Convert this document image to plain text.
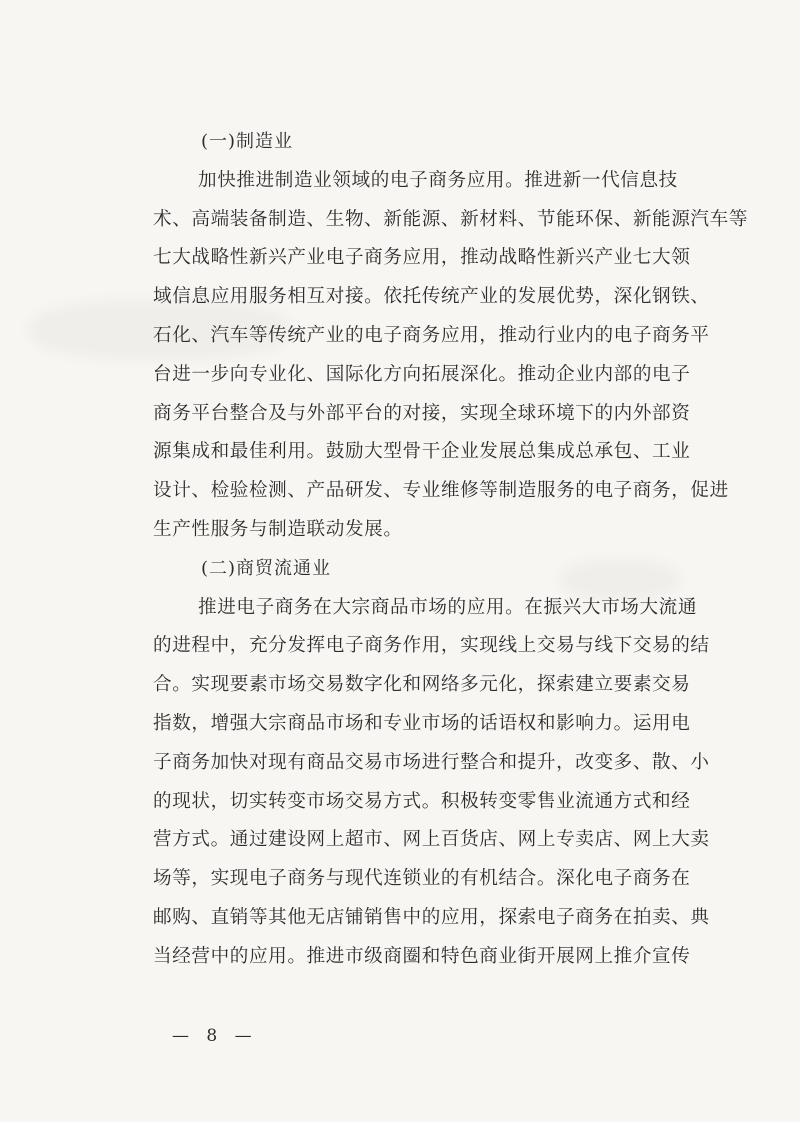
(一)制造业
加快推进制造业领域的电子商务应用。推进新一代信息技
术、高端装备制造、生物、新能源、新材料、节能环保、新能源汽车等
七大战略性新兴产业电子商务应用，推动战略性新兴产业七大领
域信息应用服务相互对接。依托传统产业的发展优势，深化钢铁、
石化、汽车等传统产业的电子商务应用，推动行业内的电子商务平
台进一步向专业化、国际化方向拓展深化。推动企业内部的电子
商务平台整合及与外部平台的对接，实现全球环境下的内外部资
源集成和最佳利用。鼓励大型骨干企业发展总集成总承包、工业
设计、检验检测、产品研发、专业维修等制造服务的电子商务，促进
生产性服务与制造联动发展。
(二)商贸流通业
推进电子商务在大宗商品市场的应用。在振兴大市场大流通
的进程中，充分发挥电子商务作用，实现线上交易与线下交易的结
合。实现要素市场交易数字化和网络多元化，探索建立要素交易
指数，增强大宗商品市场和专业市场的话语权和影响力。运用电
子商务加快对现有商品交易市场进行整合和提升，改变多、散、小
的现状，切实转变市场交易方式。积极转变零售业流通方式和经
营方式。通过建设网上超市、网上百货店、网上专卖店、网上大卖
场等，实现电子商务与现代连锁业的有机结合。深化电子商务在
邮购、直销等其他无店铺销售中的应用，探索电子商务在拍卖、典
当经营中的应用。推进市级商圈和特色商业街开展网上推介宣传
— 8 —
